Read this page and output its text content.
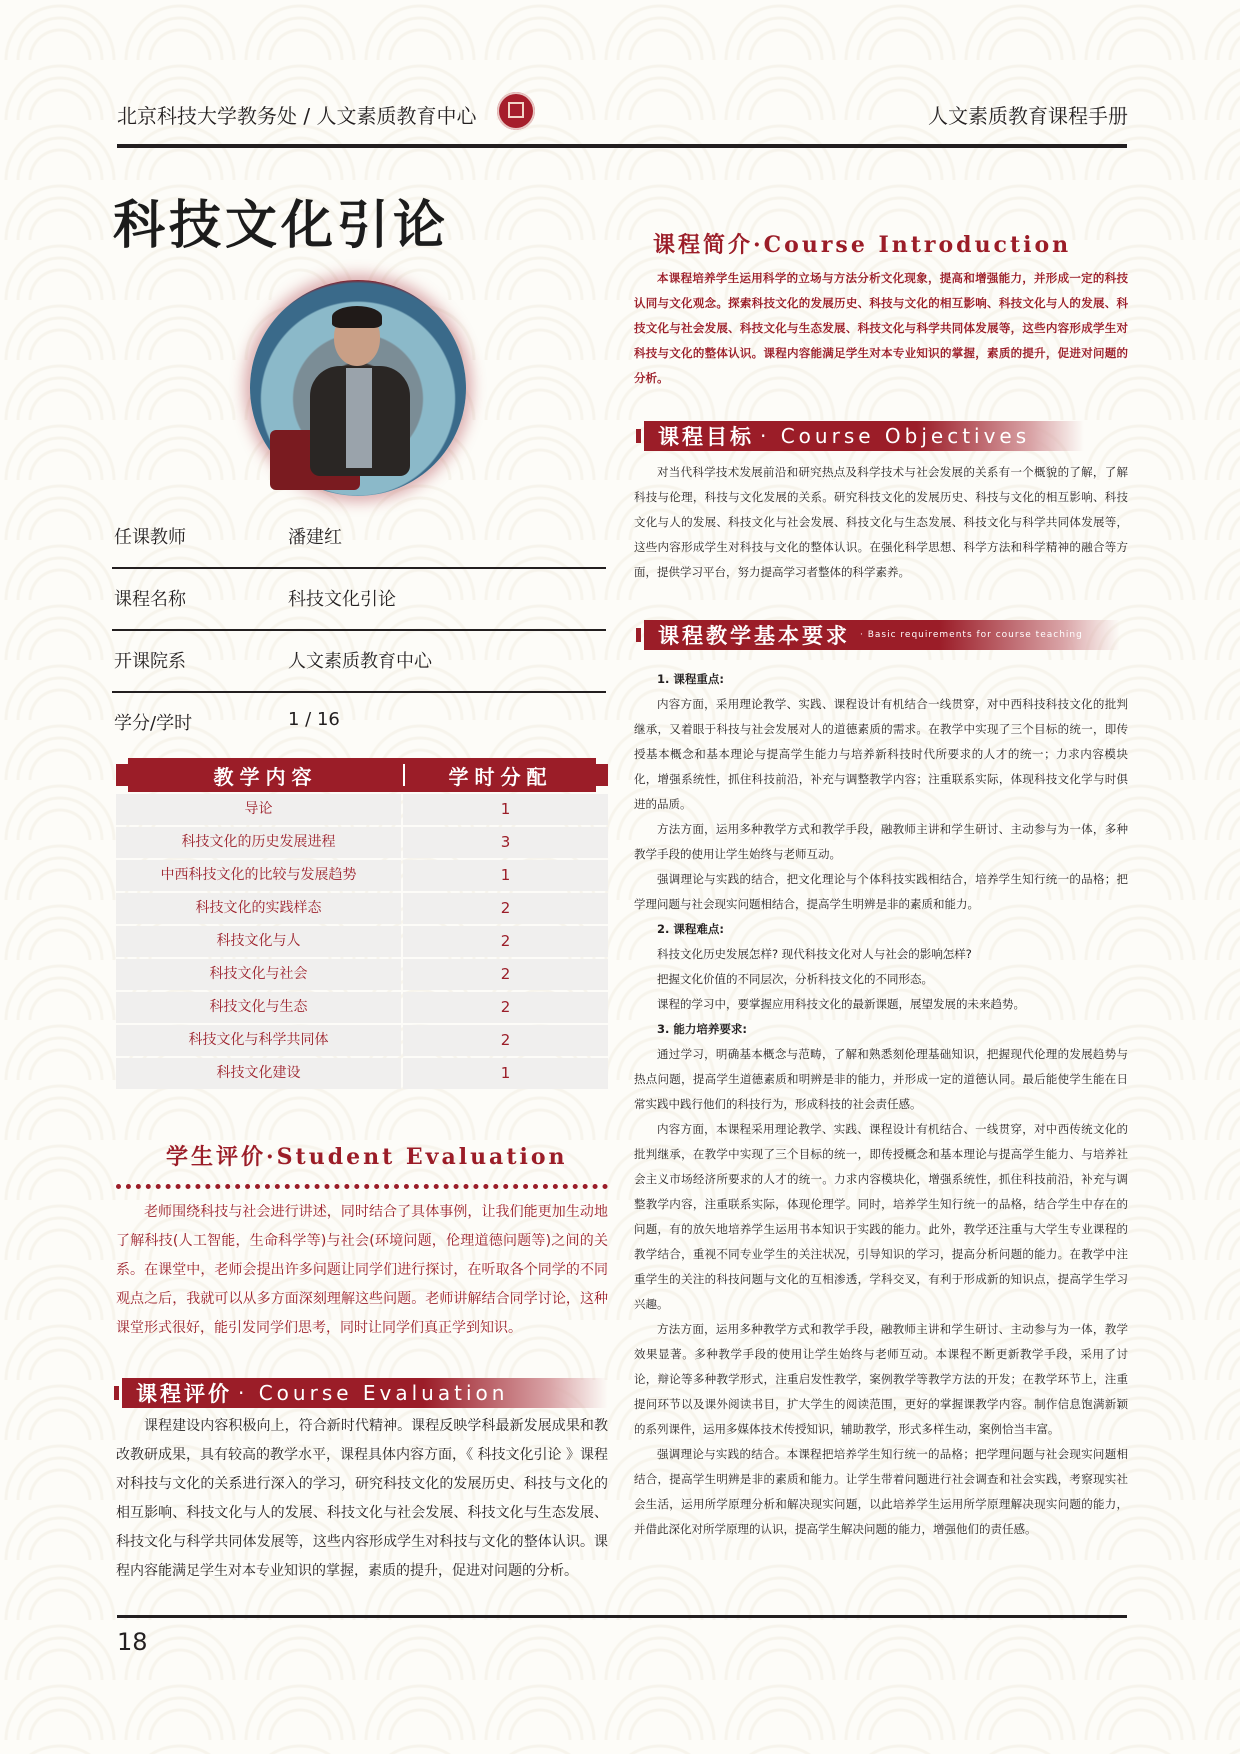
北京科技大学教务处 / 人文素质教育中心	人文素质教育课程手册
科技文化引论
任课教师	潘建红
课程名称	科技文化引论
开课院系	人文素质教育中心
学分/学时	1 / 16
教学内容	学时分配
导论	1
科技文化的历史发展进程	3
中西科技文化的比较与发展趋势	1
科技文化的实践样态	2
科技文化与人	2
科技文化与社会	2
科技文化与生态	2
科技文化与科学共同体	2
科技文化建设	1
学生评价·Student Evaluation

老师围绕科技与社会进行讲述，同时结合了具体事例，让我们能更加生动地了解科技(人工智能，生命科学等)与社会(环境问题，伦理道德问题等)之间的关系。在课堂中，老师会提出许多问题让同学们进行探讨，在听取各个同学的不同观点之后，我就可以从多方面深刻理解这些问题。老师讲解结合同学讨论，这种课堂形式很好，能引发同学们思考，同时让同学们真正学到知识。

课程评价 · Course Evaluation

课程建设内容积极向上，符合新时代精神。课程反映学科最新发展成果和教改教研成果，具有较高的教学水平，课程具体内容方面，《 科技文化引论 》课程对科技与文化的关系进行深入的学习，研究科技文化的发展历史、科技与文化的相互影响、科技文化与人的发展、科技文化与社会发展、科技文化与生态发展、科技文化与科学共同体发展等，这些内容形成学生对科技与文化的整体认识。课程内容能满足学生对本专业知识的掌握，素质的提升，促进对问题的分析。

课程简介·Course Introduction

本课程培养学生运用科学的立场与方法分析文化现象，提高和增强能力，并形成一定的科技认同与文化观念。探索科技文化的发展历史、科技与文化的相互影响、科技文化与人的发展、科技文化与社会发展、科技文化与生态发展、科技文化与科学共同体发展等，这些内容形成学生对科技与文化的整体认识。课程内容能满足学生对本专业知识的掌握，素质的提升，促进对问题的分析。

课程目标 · Course Objectives

对当代科学技术发展前沿和研究热点及科学技术与社会发展的关系有一个概貌的了解，了解科技与伦理，科技与文化发展的关系。研究科技文化的发展历史、科技与文化的相互影响、科技文化与人的发展、科技文化与社会发展、科技文化与生态发展、科技文化与科学共同体发展等，这些内容形成学生对科技与文化的整体认识。在强化科学思想、科学方法和科学精神的融合等方面，提供学习平台，努力提高学习者整体的科学素养。

课程教学基本要求 · Basic requirements for course teaching

1. 课程重点:

内容方面，采用理论教学、实践、课程设计有机结合一线贯穿，对中西科技科技文化的批判继承，又着眼于科技与社会发展对人的道德素质的需求。在教学中实现了三个目标的统一，即传授基本概念和基本理论与提高学生能力与培养新科技时代所要求的人才的统一；力求内容模块化，增强系统性，抓住科技前沿，补充与调整教学内容；注重联系实际，体现科技文化学与时俱进的品质。

方法方面，运用多种教学方式和教学手段，融教师主讲和学生研讨、主动参与为一体，多种教学手段的使用让学生始终与老师互动。

强调理论与实践的结合，把文化理论与个体科技实践相结合，培养学生知行统一的品格；把学理问题与社会现实问题相结合，提高学生明辨是非的素质和能力。

2. 课程难点:

科技文化历史发展怎样? 现代科技文化对人与社会的影响怎样?

把握文化价值的不同层次，分析科技文化的不同形态。

课程的学习中，要掌握应用科技文化的最新课题，展望发展的未来趋势。

3. 能力培养要求:

通过学习，明确基本概念与范畴，了解和熟悉刻伦理基础知识，把握现代伦理的发展趋势与热点问题，提高学生道德素质和明辨是非的能力，并形成一定的道德认同。最后能使学生能在日常实践中践行他们的科技行为，形成科技的社会责任感。

内容方面，本课程采用理论教学、实践、课程设计有机结合、一线贯穿，对中西传统文化的批判继承，在教学中实现了三个目标的统一，即传授概念和基本理论与提高学生能力、与培养社会主义市场经济所要求的人才的统一。力求内容模块化，增强系统性，抓住科技前沿，补充与调整教学内容，注重联系实际，体现伦理学。同时，培养学生知行统一的品格，结合学生中存在的问题，有的放矢地培养学生运用书本知识于实践的能力。此外，教学还注重与大学生专业课程的教学结合，重视不同专业学生的关注状况，引导知识的学习，提高分析问题的能力。在教学中注重学生的关注的科技问题与文化的互相渗透，学科交叉，有利于形成新的知识点，提高学生学习兴趣。

方法方面，运用多种教学方式和教学手段，融教师主讲和学生研讨、主动参与为一体，教学效果显著。多种教学手段的使用让学生始终与老师互动。本课程不断更新教学手段，采用了讨论，辩论等多种教学形式，注重启发性教学，案例教学等教学方法的开发；在教学环节上，注重提问环节以及课外阅读书目，扩大学生的阅读范围，更好的掌握课教学内容。制作信息饱满新颖的系列课件，运用多媒体技术传授知识，辅助教学，形式多样生动，案例恰当丰富。

强调理论与实践的结合。本课程把培养学生知行统一的品格；把学理问题与社会现实问题相结合，提高学生明辨是非的素质和能力。让学生带着问题进行社会调查和社会实践，考察现实社会生活，运用所学原理分析和解决现实问题，以此培养学生运用所学原理解决现实问题的能力，并借此深化对所学原理的认识，提高学生解决问题的能力，增强他们的责任感。

18
